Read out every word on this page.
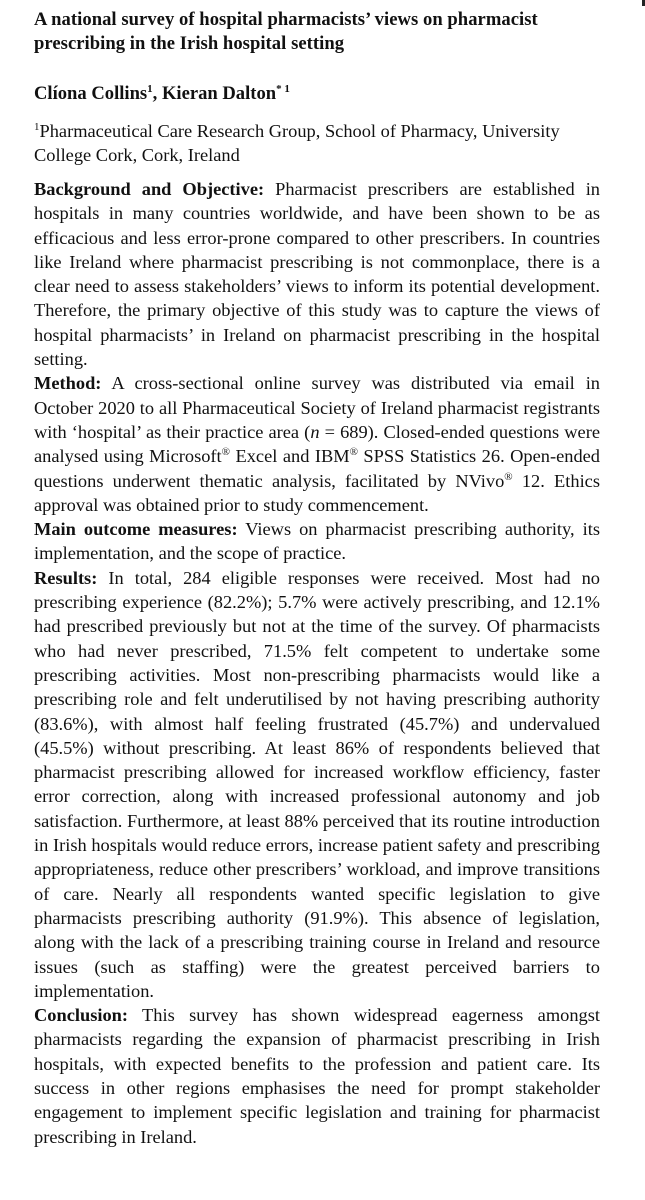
A national survey of hospital pharmacists’ views on pharmacist prescribing in the Irish hospital setting
Clíona Collins$^1$, Kieran Dalton$^{* 1}$
$^1$Pharmaceutical Care Research Group, School of Pharmacy, University College Cork, Cork, Ireland

Background and Objective: Pharmacist prescribers are established in hospitals in many countries worldwide, and have been shown to be as efficacious and less error-prone compared to other prescribers. In countries like Ireland where pharmacist prescribing is not commonplace, there is a clear need to assess stakeholders’ views to inform its potential development. Therefore, the primary objective of this study was to capture the views of hospital pharmacists’ in Ireland on pharmacist prescribing in the hospital setting.

Method: A cross-sectional online survey was distributed via email in October 2020 to all Pharmaceutical Society of Ireland pharmacist registrants with ‘hospital’ as their practice area (n = 689). Closed-ended questions were analysed using Microsoft® Excel and IBM® SPSS Statistics 26. Open-ended questions underwent thematic analysis, facilitated by NVivo® 12. Ethics approval was obtained prior to study commencement.

Main outcome measures: Views on pharmacist prescribing authority, its implementation, and the scope of practice.

Results: In total, 284 eligible responses were received. Most had no prescribing experience (82.2%); 5.7% were actively prescribing, and 12.1% had prescribed previously but not at the time of the survey. Of pharmacists who had never prescribed, 71.5% felt competent to undertake some prescribing activities. Most non-prescribing pharmacists would like a prescribing role and felt underutilised by not having prescribing authority (83.6%), with almost half feeling frustrated (45.7%) and undervalued (45.5%) without prescribing. At least 86% of respondents believed that pharmacist prescribing allowed for increased workflow efficiency, faster error correction, along with increased professional autonomy and job satisfaction. Furthermore, at least 88% perceived that its routine introduction in Irish hospitals would reduce errors, increase patient safety and prescribing appropriateness, reduce other prescribers’ workload, and improve transitions of care. Nearly all respondents wanted specific legislation to give pharmacists prescribing authority (91.9%). This absence of legislation, along with the lack of a prescribing training course in Ireland and resource issues (such as staffing) were the greatest perceived barriers to implementation.

Conclusion: This survey has shown widespread eagerness amongst pharmacists regarding the expansion of pharmacist prescribing in Irish hospitals, with expected benefits to the profession and patient care. Its success in other regions emphasises the need for prompt stakeholder engagement to implement specific legislation and training for pharmacist prescribing in Ireland.
